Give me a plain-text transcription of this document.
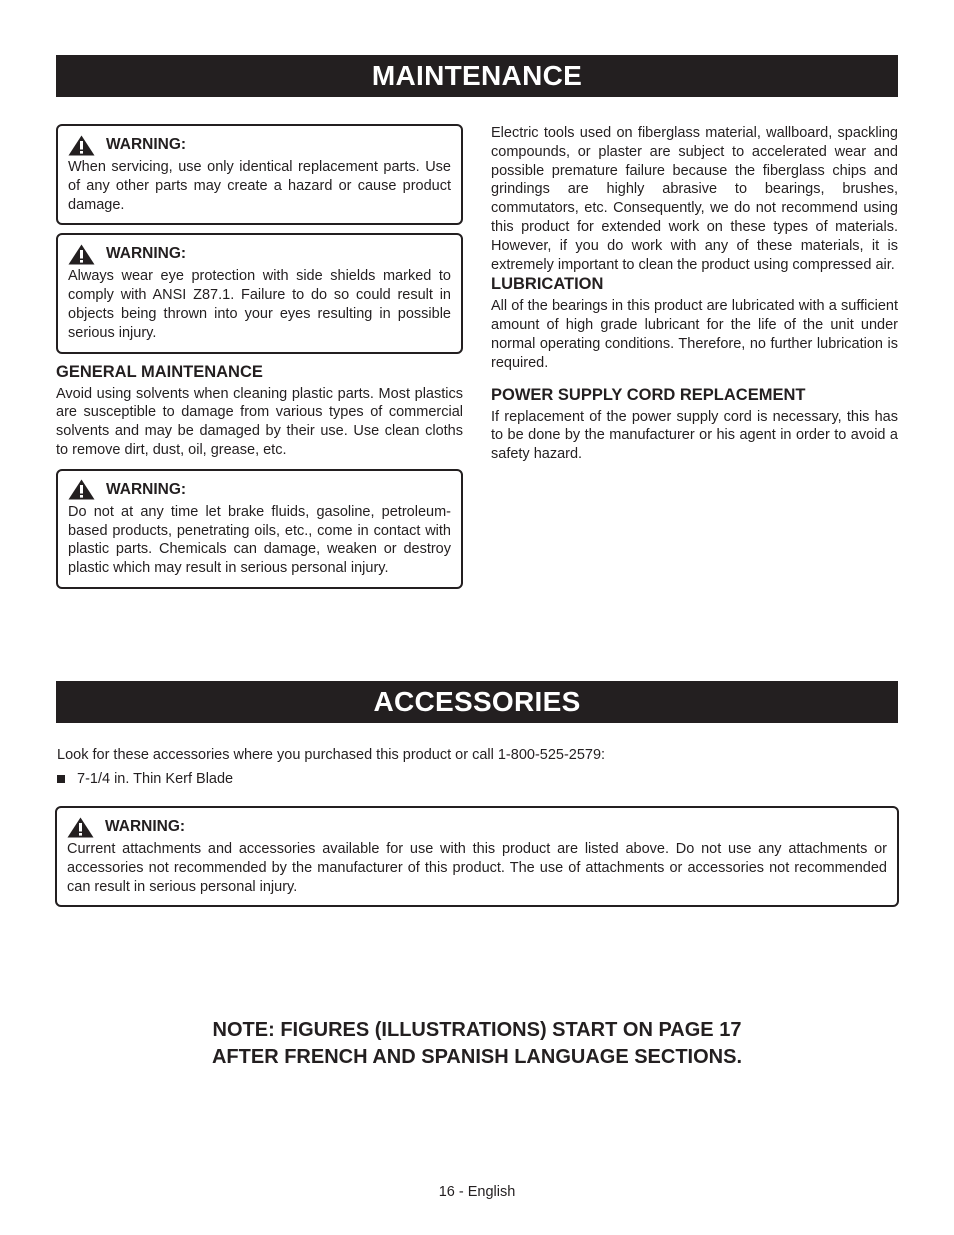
MAINTENANCE
WARNING:

When servicing, use only identical replacement parts. Use of any other parts may create a hazard or cause product damage.

WARNING:

Always wear eye protection with side shields marked to comply with ANSI Z87.1. Failure to do so could result in objects being thrown into your eyes resulting in possible serious injury.

GENERAL MAINTENANCE

Avoid using solvents when cleaning plastic parts. Most plastics are susceptible to damage from various types of commercial solvents and may be damaged by their use. Use clean cloths to remove dirt, dust, oil, grease, etc.

WARNING:

Do not at any time let brake fluids, gasoline, petroleum-based products, penetrating oils, etc., come in contact with plastic parts. Chemicals can damage, weaken or destroy plastic which may result in serious personal injury.

Electric tools used on fiberglass material, wallboard, spackling compounds, or plaster are subject to accelerated wear and possible premature failure because the fiberglass chips and grindings are highly abrasive to bearings, brushes, commutators, etc. Consequently, we do not recommend using this product for extended work on these types of materials. However, if you do work with any of these materials, it is extremely important to clean the product using compressed air.

LUBRICATION

All of the bearings in this product are lubricated with a sufficient amount of high grade lubricant for the life of the unit under normal operating conditions. Therefore, no further lubrication is required.

POWER SUPPLY CORD REPLACEMENT

If replacement of the power supply cord is necessary, this has to be done by the manufacturer or his agent in order to avoid a safety hazard.

ACCESSORIES
Look for these accessories where you purchased this product or call 1-800-525-2579:
7-1/4 in. Thin Kerf Blade
WARNING:

Current attachments and accessories available for use with this product are listed above. Do not use any attachments or accessories not recommended by the manufacturer of this product. The use of attachments or accessories not recommended can result in serious personal injury.

NOTE: FIGURES (ILLUSTRATIONS) START ON PAGE 17
AFTER FRENCH AND SPANISH LANGUAGE SECTIONS.
16 - English
